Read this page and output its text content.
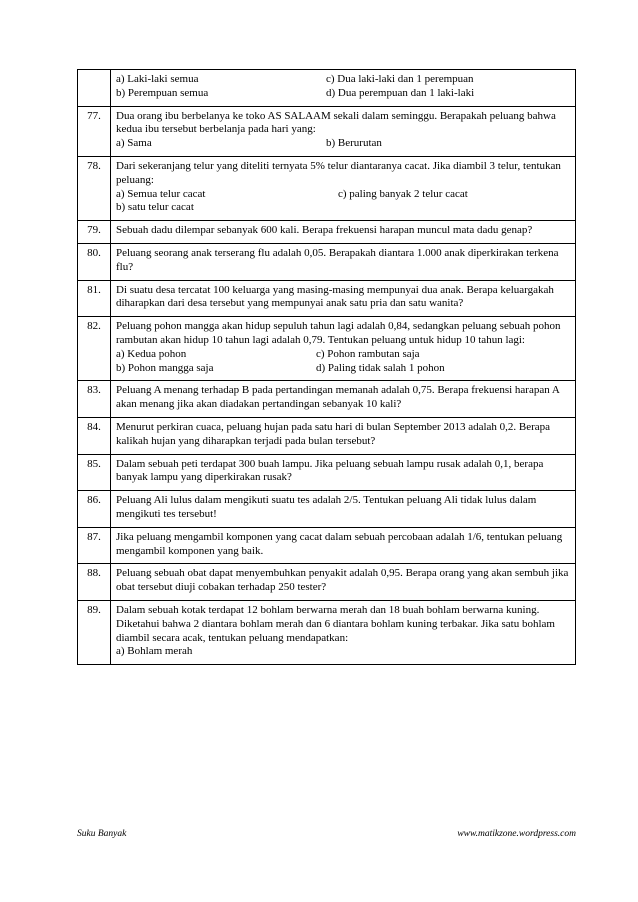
	a) Laki-laki semua c) Dua laki-laki dan 1 perempuan
b) Perempuan semua d) Dua perempuan dan 1 laki-laki

77.	Dua orang ibu berbelanya ke toko AS SALAAM sekali dalam seminggu. Berapakah peluang bahwa kedua ibu tersebut berbelanja pada hari yang:
a) Sama b) Berurutan

78.	Dari sekeranjang telur yang diteliti ternyata 5% telur diantaranya cacat. Jika diambil 3 telur, tentukan peluang:
a) Semua telur cacat c) paling banyak 2 telur cacat
b) satu telur cacat

79.	Sebuah dadu dilempar sebanyak 600 kali. Berapa frekuensi harapan muncul mata dadu genap?

80.	Peluang seorang anak terserang flu adalah 0,05. Berapakah diantara 1.000 anak diperkirakan terkena flu?

81.	Di suatu desa tercatat 100 keluarga yang masing-masing mempunyai dua anak. Berapa keluargakah diharapkan dari desa tersebut yang mempunyai anak satu pria dan satu wanita?

82.	Peluang pohon mangga akan hidup sepuluh tahun lagi adalah 0,84, sedangkan peluang sebuah pohon rambutan akan hidup 10 tahun lagi adalah 0,79. Tentukan peluang untuk hidup 10 tahun lagi:
a) Kedua pohon c) Pohon rambutan saja
b) Pohon mangga saja d) Paling tidak salah 1 pohon

83.	Peluang A menang terhadap B pada pertandingan memanah adalah 0,75. Berapa frekuensi harapan A akan menang jika akan diadakan pertandingan sebanyak 10 kali?

84.	Menurut perkiran cuaca, peluang hujan pada satu hari di bulan September 2013 adalah 0,2. Berapa kalikah hujan yang diharapkan terjadi pada bulan tersebut?

85.	Dalam sebuah peti terdapat 300 buah lampu. Jika peluang sebuah lampu rusak adalah 0,1, berapa banyak lampu yang diperkirakan rusak?

86.	Peluang Ali lulus dalam mengikuti suatu tes adalah 2/5. Tentukan peluang Ali tidak lulus dalam mengikuti tes tersebut!

87.	Jika peluang mengambil komponen yang cacat dalam sebuah percobaan adalah 1/6, tentukan peluang mengambil komponen yang baik.

88.	Peluang sebuah obat dapat menyembuhkan penyakit adalah 0,95. Berapa orang yang akan sembuh jika obat tersebut diuji cobakan terhadap 250 tester?

89.	Dalam sebuah kotak terdapat 12 bohlam berwarna merah dan 18 buah bohlam berwarna kuning. Diketahui bahwa 2 diantara bohlam merah dan 6 diantara bohlam kuning terbakar. Jika satu bohlam diambil secara acak, tentukan peluang mendapatkan:
a) Bohlam merah
Suku Banyak	www.matikzone.wordpress.com
